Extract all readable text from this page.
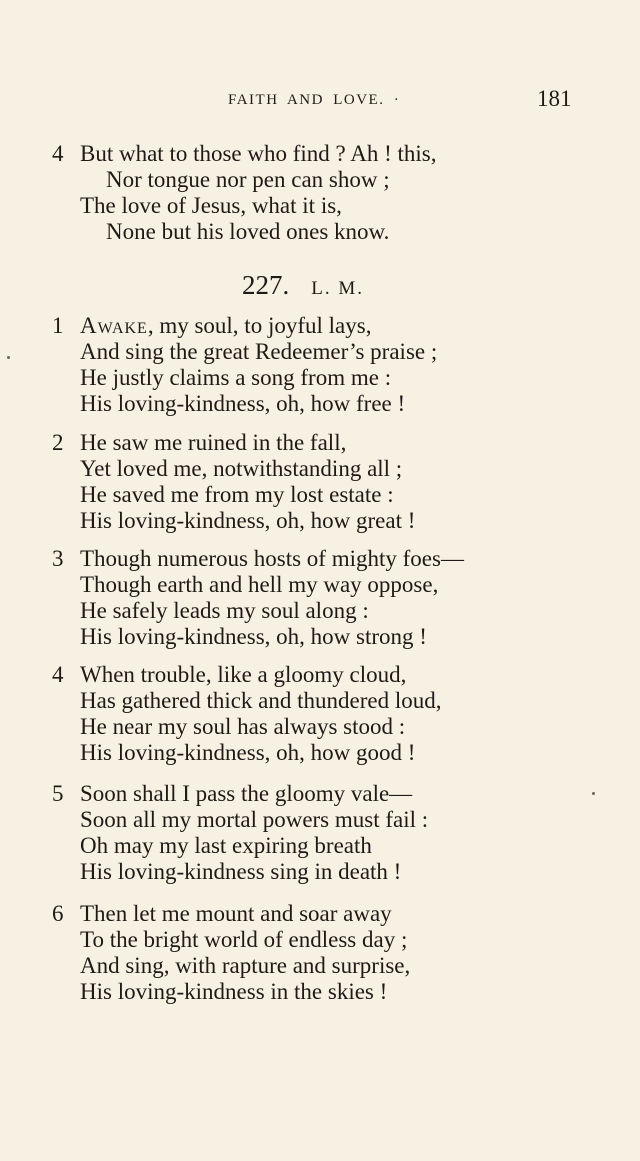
FAITH AND LOVE. ·	181
4 But what to those who find ? Ah ! this,
Nor tongue nor pen can show ;
The love of Jesus, what it is,
None but his loved ones know.
227. L. M.
1 Awake, my soul, to joyful lays,
And sing the great Redeemer’s praise ;
He justly claims a song from me :
His loving-kindness, oh, how free !
2 He saw me ruined in the fall,
Yet loved me, notwithstanding all ;
He saved me from my lost estate :
His loving-kindness, oh, how great !
3 Though numerous hosts of mighty foes—
Though earth and hell my way oppose,
He safely leads my soul along :
His loving-kindness, oh, how strong !
4 When trouble, like a gloomy cloud,
Has gathered thick and thundered loud,
He near my soul has always stood :
His loving-kindness, oh, how good !
5 Soon shall I pass the gloomy vale—
Soon all my mortal powers must fail :
Oh may my last expiring breath
His loving-kindness sing in death !
6 Then let me mount and soar away
To the bright world of endless day ;
And sing, with rapture and surprise,
His loving-kindness in the skies !
